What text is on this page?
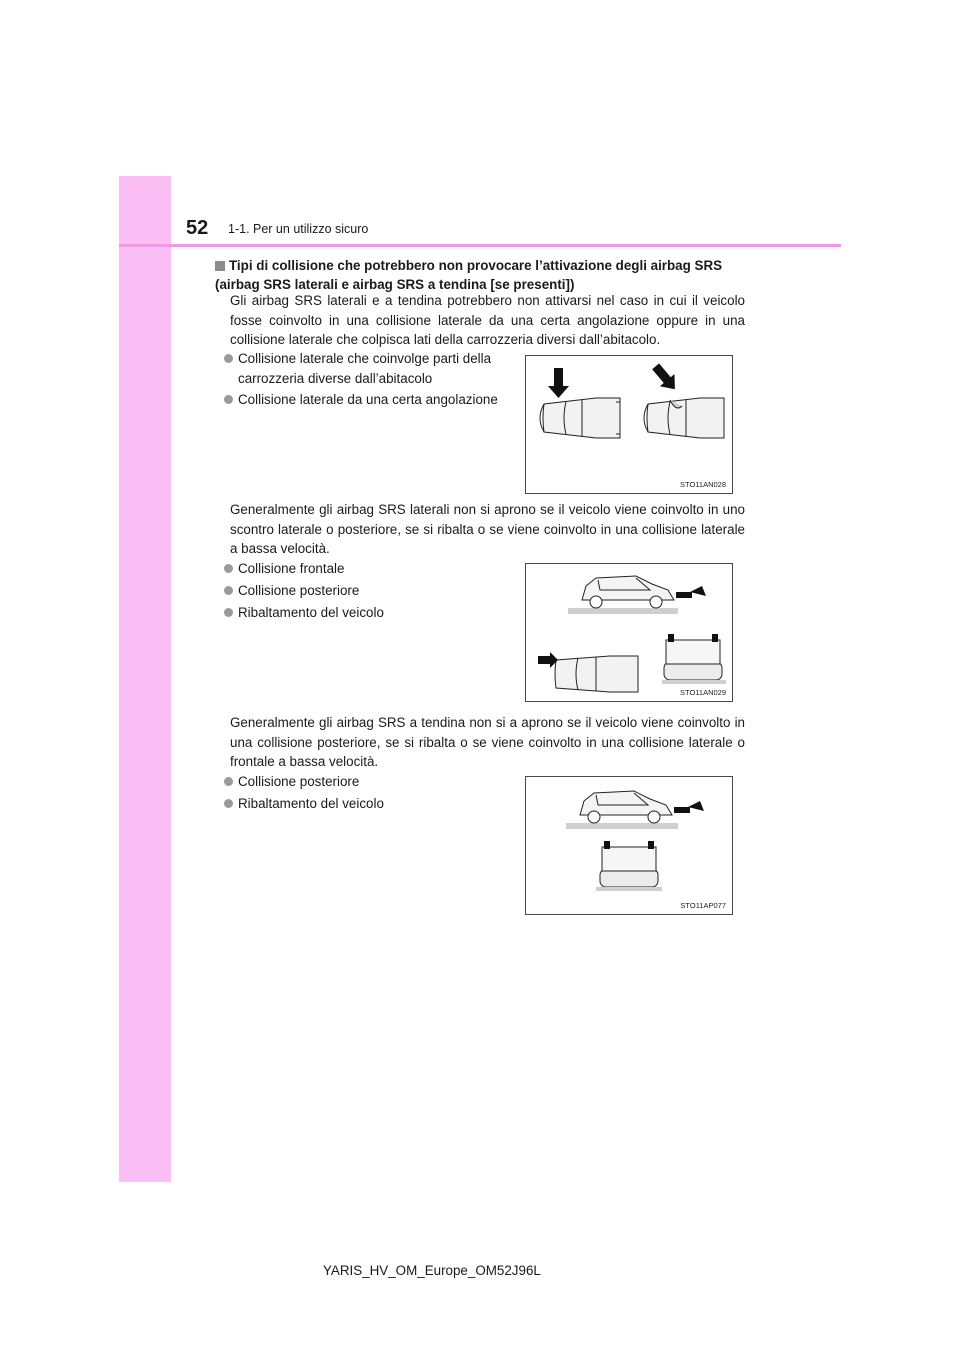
52 1-1. Per un utilizzo sicuro
Tipi di collisione che potrebbero non provocare l’attivazione degli airbag SRS (airbag SRS laterali e airbag SRS a tendina [se presenti])
Gli airbag SRS laterali e a tendina potrebbero non attivarsi nel caso in cui il veicolo fosse coinvolto in una collisione laterale da una certa angolazione oppure in una collisione laterale che colpisca lati della carrozzeria diversi dall’abitacolo.
Collisione laterale che coinvolge parti della carrozzeria diverse dall’abitacolo
Collisione laterale da una certa angolazione
STO11AN028
Generalmente gli airbag SRS laterali non si aprono se il veicolo viene coinvolto in uno scontro laterale o posteriore, se si ribalta o se viene coinvolto in una collisione laterale a bassa velocità.
Collisione frontale
Collisione posteriore
Ribaltamento del veicolo
STO11AN029
Generalmente gli airbag SRS a tendina non si a aprono se il veicolo viene coinvolto in una collisione posteriore, se si ribalta o se viene coinvolto in una collisione laterale o frontale a bassa velocità.
Collisione posteriore
Ribaltamento del veicolo
STO11AP077
YARIS_HV_OM_Europe_OM52J96L
